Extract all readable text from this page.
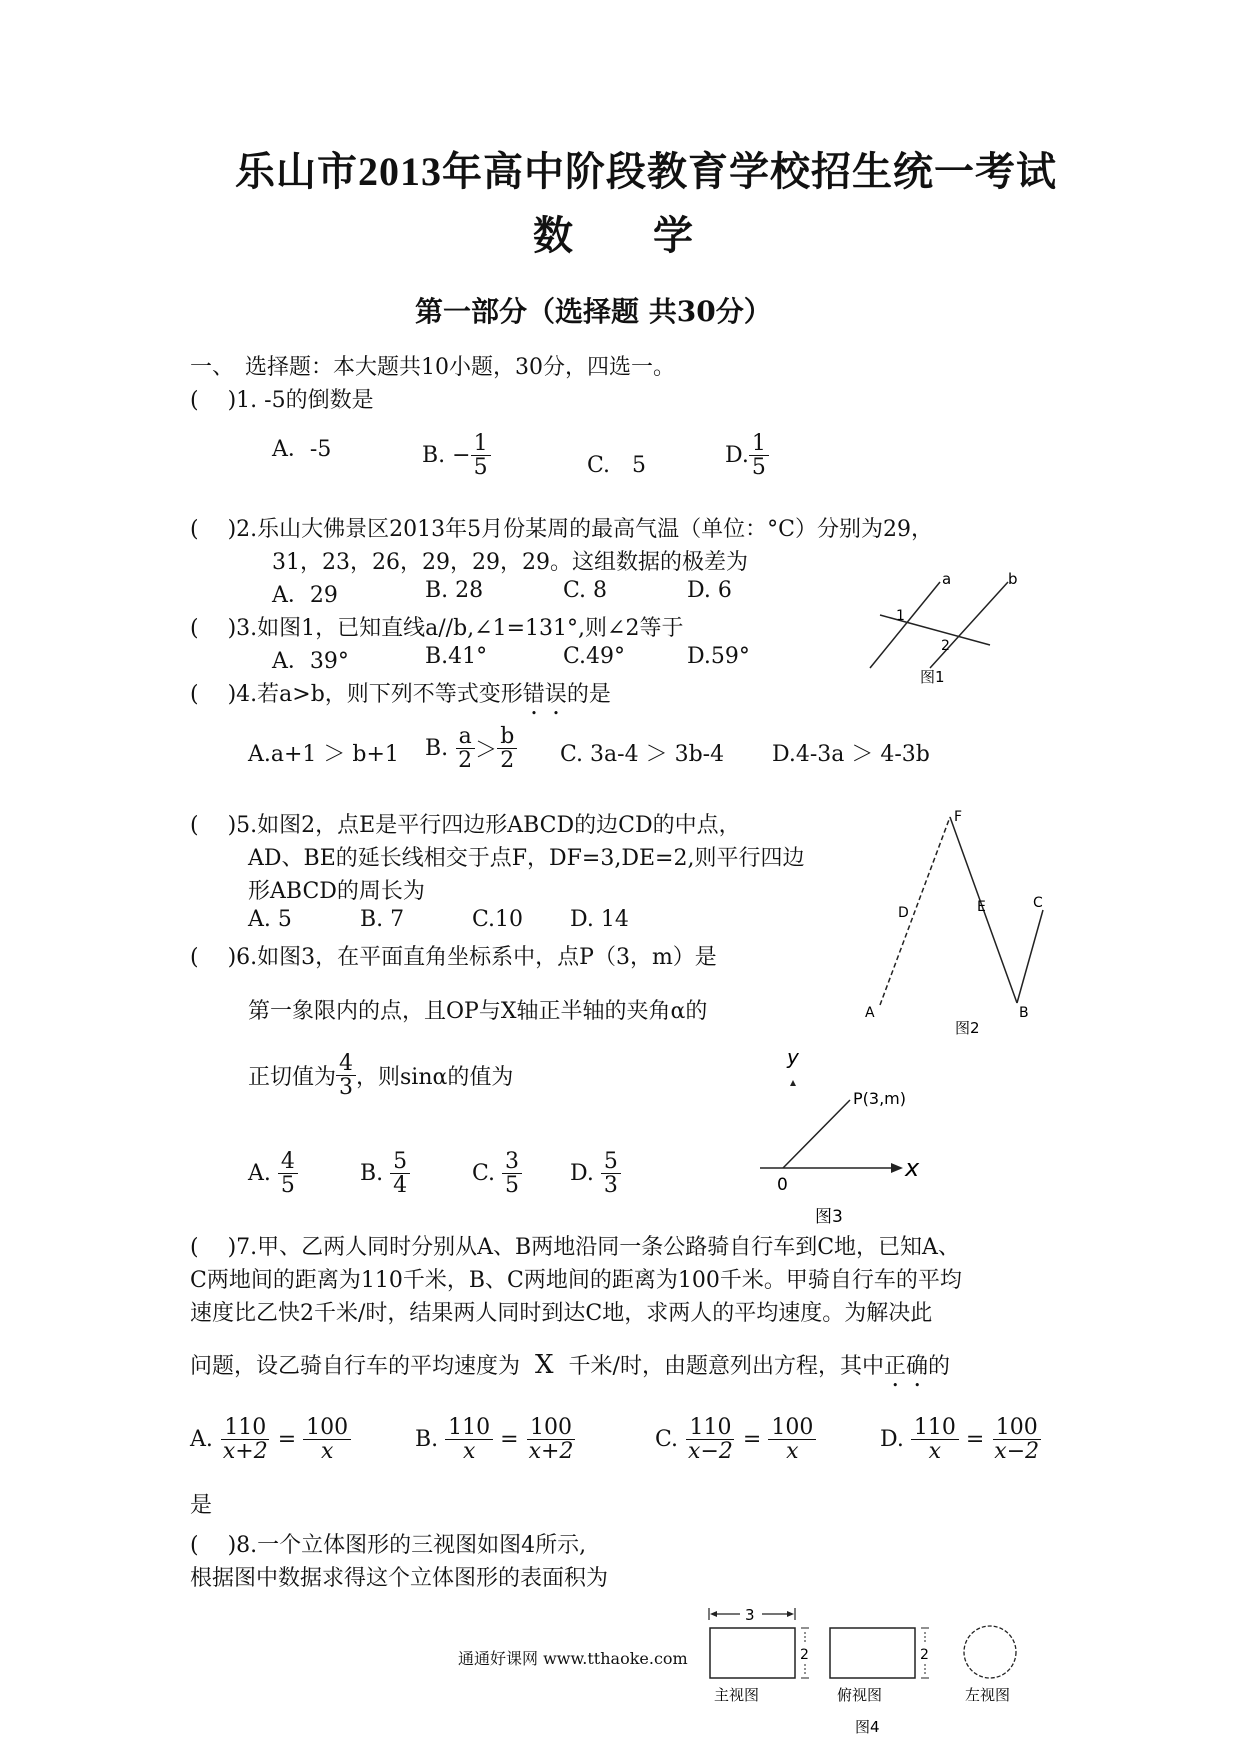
乐山市2013年高中阶段教育学校招生统一考试
数　　学
第一部分（选择题 共30分）
一、　选择题：本大题共10小题，30分，四选一。
(　 )1. -5的倒数是
A．-5	B. − $\frac{1}{5}$	C.　5	D. $\frac{1}{5}$
(　 )2.乐山大佛景区2013年5月份某周的最高气温（单位：°C）分别为29，
31，23，26，29，29，29。这组数据的极差为
A．29	B. 28	C. 8	D. 6
(　 )3.如图1，已知直线a//b,∠1=131°,则∠2等于
A．39°	B.41°	C.49°	D.59°
a	b
1
2
图1
(　 )4.若a>b，则下列不等式变形错误的是
A.a+1 ＞ b+1 B.
$\frac{a}{2} > \frac{b}{2} C$. 3a-4 ＞ 3b-4 D.4-3a ＞ 4-3b
(　 )5.如图2，点E是平行四边形ABCD的边CD的中点，
AD、BE的延长线相交于点F，DF=3,DE=2,则平行四边
形ABCD的周长为
A. 5	B. 7	C.10 D. 14
F
D	E	C
A	B
图2
(　 )6.如图3，在平面直角坐标系中，点P（3，m）是
第一象限内的点，且OP与X轴正半轴的夹角α的
正切值为 $\frac{4}{3}$ ，则sinα的值为
A.
$\frac{4}{5}$	B.
$\frac{5}{4}$	C.
$\frac{3}{5} D$.
$\frac{5}{3}$
y
x
P(3,m)
0
图3
(　 )7.甲、乙两人同时分别从A、B两地沿同一条公路骑自行车到C地，已知A、
C两地间的距离为110千米，B、C两地间的距离为100千米。甲骑自行车的平均
速度比乙快2千米/时，结果两人同时到达C地，求两人的平均速度。为解决此
问题，设乙骑自行车的平均速度为 X 千米/时，由题意列出方程，其中正确的
A.
$\frac{110}{x+2}$
=
$\frac{100}{x}$	B.
$\frac{110}{x}$
=
$\frac{100}{x+2}$	C.
$\frac{110}{x-2}$
=
$\frac{100}{x}$	D.
$\frac{110}{x}$
=
$\frac{100}{x-2}$
是
(　 )8.一个立体图形的三视图如图4所示,
根据图中数据求得这个立体图形的表面积为
通通好课网 www.tthaoke.com
3
2
主视图
2
俯视图	左视图
图4
